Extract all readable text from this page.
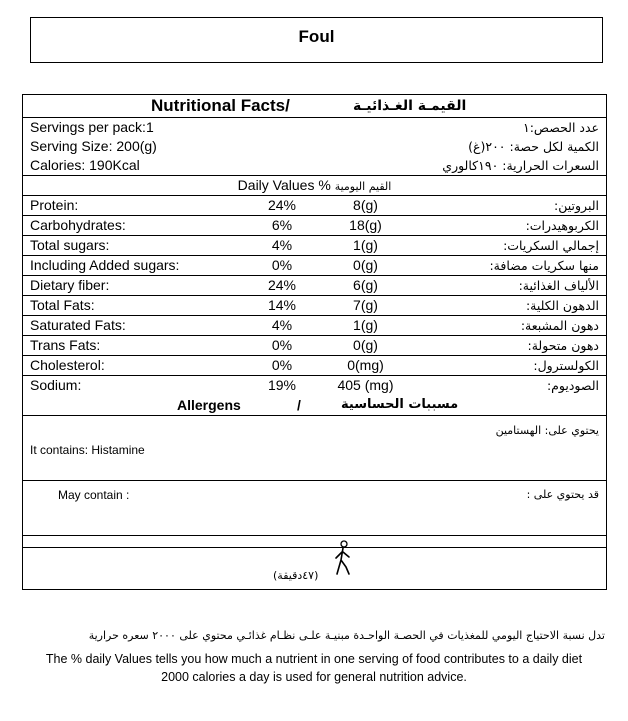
Foul
Nutritional Facts/	القيمـة الغـذائيـة
Servings per pack:1	عدد الحصص:١
Serving Size: 200(g)	الكمية لكل حصة: ٢٠٠(غ)
Calories: 190Kcal	السعرات الحرارية: ١٩٠كالوري
Daily Values % القيم اليومية
Protein:	24%	8(g)	البروتين:
Carbohydrates:	6%	18(g)	الكربوهيدرات:
Total sugars:	4%	1(g)	إجمالي السكريات:
Including Added sugars:	0%	0(g)	منها سكريات مضافة:
Dietary fiber:	24%	6(g)	الألياف الغذائية:
Total Fats:	14%	7(g)	الدهون الكلية:
Saturated Fats:	4%	1(g)	دهون المشبعة:
Trans Fats:	0%	0(g)	دهون متحولة:
Cholesterol:	0%	0(mg)	الكولسترول:
Sodium:	19%	405 (mg)	الصوديوم:
Allergens	/	مسببات الحساسية
يحتوي على: الهستامين
It contains: Histamine
May contain :	قد يحتوي على :
(٤٧دقيقة)
تدل نسبة الاحتياج اليومي للمغذيات في الحصـة الواحـدة مبنيـة علـى نظـام غذائـي محتوي على ٢٠٠٠ سعره حرارية
The % daily Values tells you how much a nutrient in one serving of food contributes to a daily diet
2000 calories a day is used for general nutrition advice.
